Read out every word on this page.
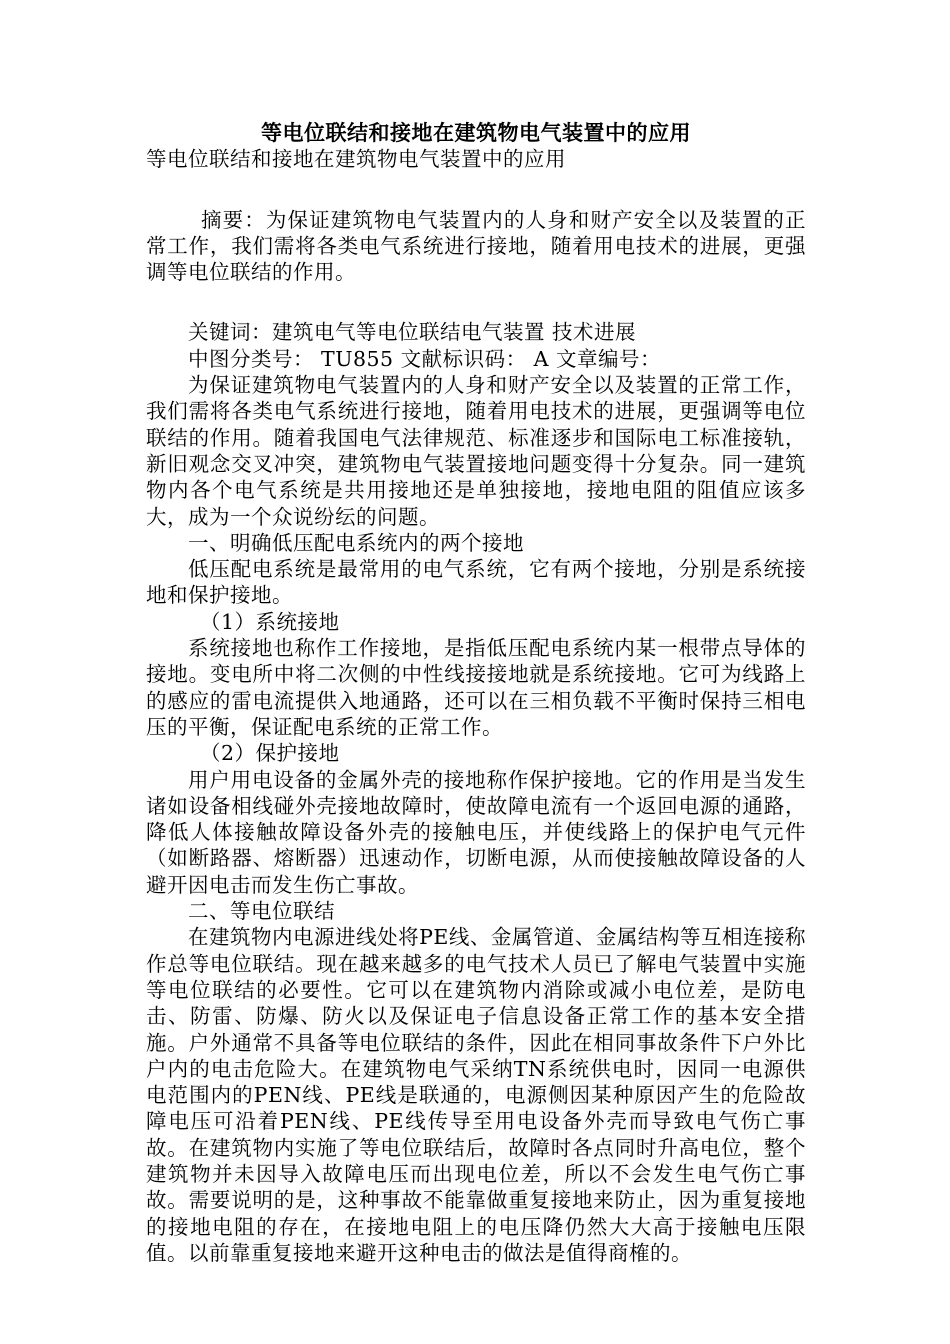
等电位联结和接地在建筑物电气装置中的应用

等电位联结和接地在建筑物电气装置中的应用

摘要：为保证建筑物电气装置内的人身和财产安全以及装置的正常工作，我们需将各类电气系统进行接地，随着用电技术的进展，更强调等电位联结的作用。

关键词：建筑电气等电位联结电气装置 技术进展

中图分类号： TU855 文献标识码： A 文章编号：

为保证建筑物电气装置内的人身和财产安全以及装置的正常工作，我们需将各类电气系统进行接地，随着用电技术的进展，更强调等电位联结的作用。随着我国电气法律规范、标准逐步和国际电工标准接轨，新旧观念交叉冲突，建筑物电气装置接地问题变得十分复杂。同一建筑物内各个电气系统是共用接地还是单独接地，接地电阻的阻值应该多大，成为一个众说纷纭的问题。

一、明确低压配电系统内的两个接地

低压配电系统是最常用的电气系统，它有两个接地，分别是系统接地和保护接地。

（1）系统接地

系统接地也称作工作接地，是指低压配电系统内某一根带点导体的接地。变电所中将二次侧的中性线接接地就是系统接地。它可为线路上的感应的雷电流提供入地通路，还可以在三相负载不平衡时保持三相电压的平衡，保证配电系统的正常工作。

（2）保护接地

用户用电设备的金属外壳的接地称作保护接地。它的作用是当发生诸如设备相线碰外壳接地故障时，使故障电流有一个返回电源的通路，降低人体接触故障设备外壳的接触电压，并使线路上的保护电气元件（如断路器、熔断器）迅速动作，切断电源，从而使接触故障设备的人避开因电击而发生伤亡事故。

二、等电位联结

在建筑物内电源进线处将PE线、金属管道、金属结构等互相连接称作总等电位联结。现在越来越多的电气技术人员已了解电气装置中实施等电位联结的必要性。它可以在建筑物内消除或减小电位差，是防电击、防雷、防爆、防火以及保证电子信息设备正常工作的基本安全措施。户外通常不具备等电位联结的条件，因此在相同事故条件下户外比户内的电击危险大。在建筑物电气采纳TN系统供电时，因同一电源供电范围内的PEN线、PE线是联通的，电源侧因某种原因产生的危险故障电压可沿着PEN线、PE线传导至用电设备外壳而导致电气伤亡事故。在建筑物内实施了等电位联结后，故障时各点同时升高电位，整个建筑物并未因导入故障电压而出现电位差，所以不会发生电气伤亡事故。需要说明的是，这种事故不能靠做重复接地来防止，因为重复接地的接地电阻的存在，在接地电阻上的电压降仍然大大高于接触电压限值。以前靠重复接地来避开这种电击的做法是值得商榷的。
